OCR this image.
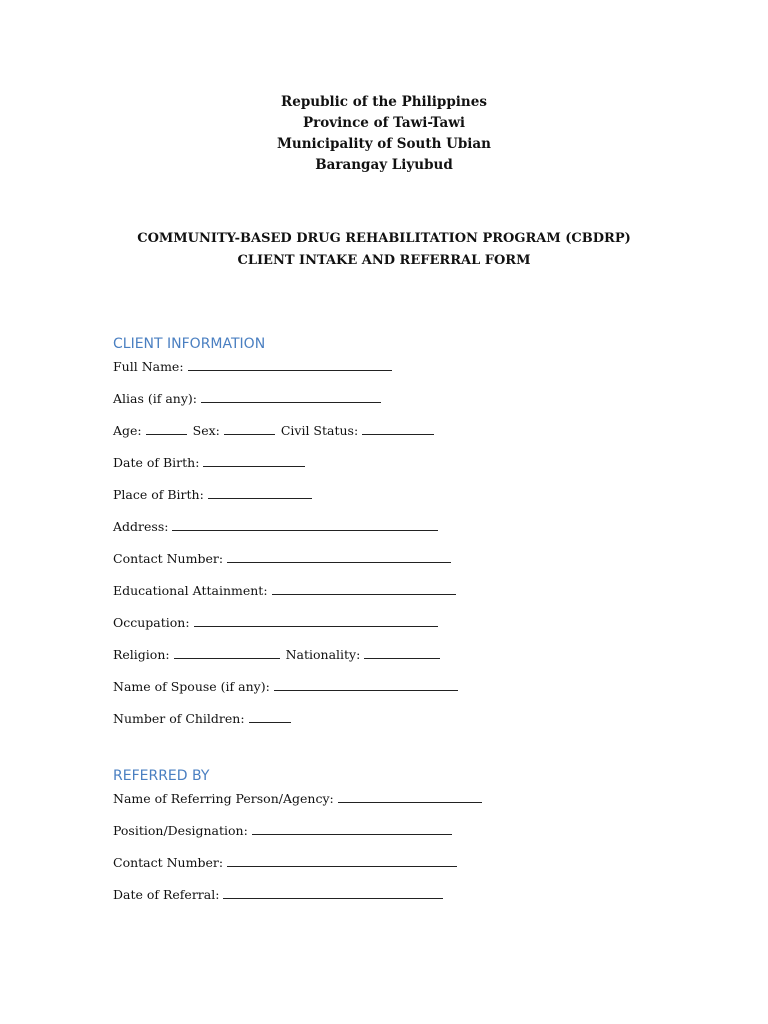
Republic of the Philippines
Province of Tawi-Tawi
Municipality of South Ubian
Barangay Liyubud
COMMUNITY-BASED DRUG REHABILITATION PROGRAM (CBDRP)
CLIENT INTAKE AND REFERRAL FORM
CLIENT INFORMATION
Full Name:
Alias (if any):
Age:	Sex:	Civil Status:
Date of Birth:
Place of Birth:
Address:
Contact Number:
Educational Attainment:
Occupation:
Religion:	Nationality:
Name of Spouse (if any):
Number of Children:
REFERRED BY
Name of Referring Person/Agency:
Position/Designation:
Contact Number:
Date of Referral:
